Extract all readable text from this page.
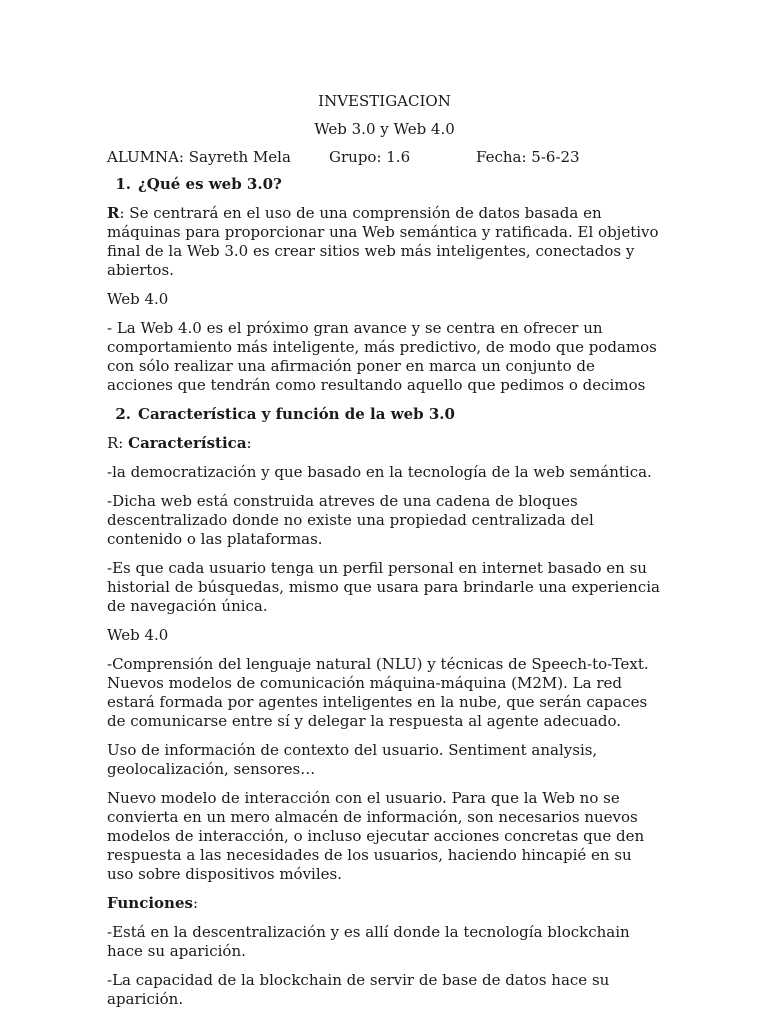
INVESTIGACION

Web 3.0 y Web 4.0

ALUMNA: Sayreth Mela	Grupo: 1.6	Fecha: 5-6-23
1. ¿Qué es web 3.0?

R: Se centrará en el uso de una comprensión de datos basada en máquinas para proporcionar una Web semántica y ratificada. El objetivo final de la Web 3.0 es crear sitios web más inteligentes, conectados y abiertos.

Web 4.0

- La Web 4.0 es el próximo gran avance y se centra en ofrecer un comportamiento más inteligente, más predictivo, de modo que podamos con sólo realizar una afirmación poner en marca un conjunto de acciones que tendrán como resultando aquello que pedimos o decimos

2. Característica y función de la web 3.0

R: Característica:

-la democratización y que basado en la tecnología de la web semántica.

-Dicha web está construida atreves de una cadena de bloques descentralizado donde no existe una propiedad centralizada del contenido o las plataformas.

-Es que cada usuario tenga un perfil personal en internet basado en su historial de búsquedas, mismo que usara para brindarle una experiencia de navegación única.

Web 4.0

-Comprensión del lenguaje natural (NLU) y técnicas de Speech-to-Text. Nuevos modelos de comunicación máquina-máquina (M2M). La red estará formada por agentes inteligentes en la nube, que serán capaces de comunicarse entre sí y delegar la respuesta al agente adecuado.

Uso de información de contexto del usuario. Sentiment analysis, geolocalización, sensores…

Nuevo modelo de interacción con el usuario. Para que la Web no se convierta en un mero almacén de información, son necesarios nuevos modelos de interacción, o incluso ejecutar acciones concretas que den respuesta a las necesidades de los usuarios, haciendo hincapié en su uso sobre dispositivos móviles.

Funciones:

-Está en la descentralización y es allí donde la tecnología blockchain hace su aparición.

-La capacidad de la blockchain de servir de base de datos hace su aparición.
